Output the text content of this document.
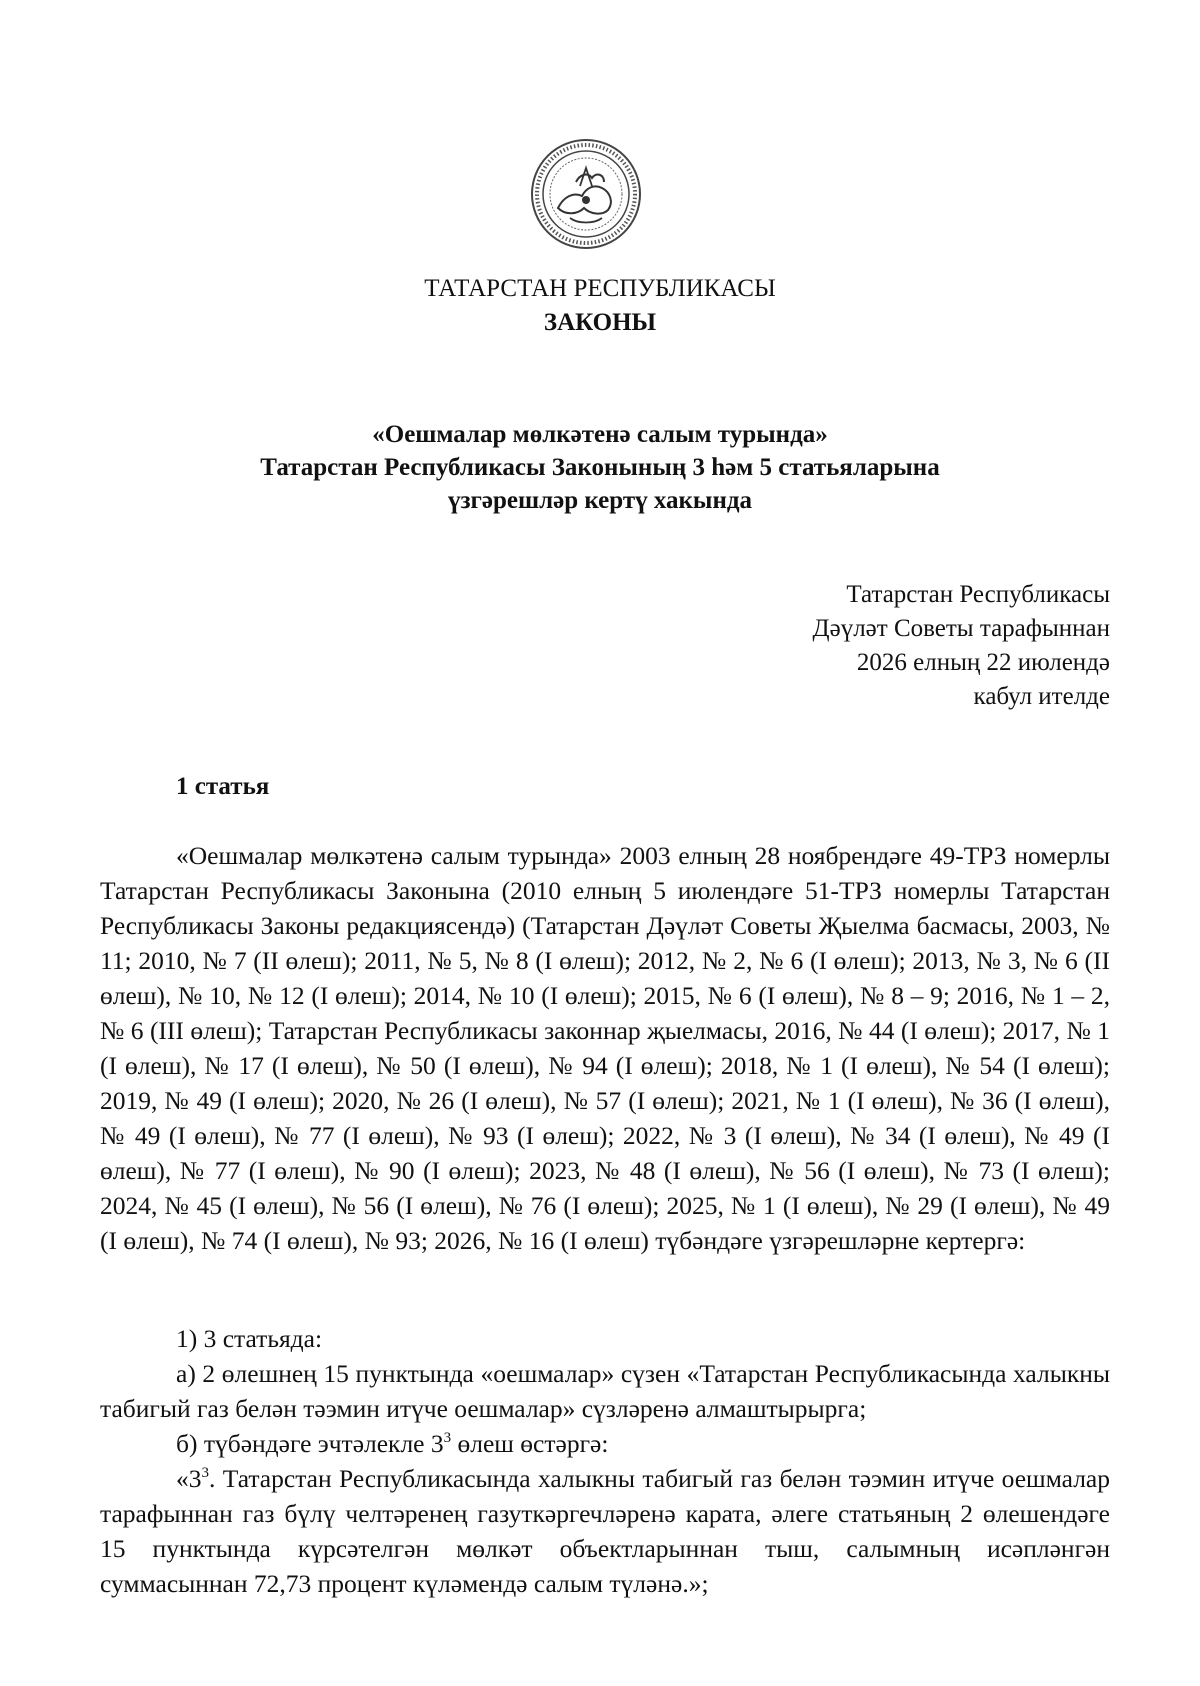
ТАТАРСТАН РЕСПУБЛИКАСЫ
ЗАКОНЫ
«Оешмалар мөлкәтенә салым турында»
Татарстан Республикасы Законының 3 һәм 5 статьяларына
үзгәрешләр кертү хакында
Татарстан Республикасы
Дәүләт Советы тарафыннан
2026 елның 22 июлендә
кабул ителде
1 статья
«Оешмалар мөлкәтенә салым турында» 2003 елның 28 ноябрендәге 49-ТРЗ номерлы Татарстан Республикасы Законына (2010 елның 5 июлендәге 51-ТРЗ номерлы Татарстан Республикасы Законы редакциясендә) (Татарстан Дәүләт Советы Җыелма басмасы, 2003, № 11; 2010, № 7 (II өлеш); 2011, № 5, № 8 (I өлеш); 2012, № 2, № 6 (I өлеш); 2013, № 3, № 6 (II өлеш), № 10, № 12 (I өлеш); 2014, № 10 (I өлеш); 2015, № 6 (I өлеш), № 8 – 9; 2016, № 1 – 2, № 6 (III өлеш); Татарстан Республикасы законнар җыелмасы, 2016, № 44 (I өлеш); 2017, № 1 (I өлеш), № 17 (I өлеш), № 50 (I өлеш), № 94 (I өлеш); 2018, № 1 (I өлеш), № 54 (I өлеш); 2019, № 49 (I өлеш); 2020, № 26 (I өлеш), № 57 (I өлеш); 2021, № 1 (I өлеш), № 36 (I өлеш), № 49 (I өлеш), № 77 (I өлеш), № 93 (I өлеш); 2022, № 3 (I өлеш), № 34 (I өлеш), № 49 (I өлеш), № 77 (I өлеш), № 90 (I өлеш); 2023, № 48 (I өлеш), № 56 (I өлеш), № 73 (I өлеш); 2024, № 45 (I өлеш), № 56 (I өлеш), № 76 (I өлеш); 2025, № 1 (I өлеш), № 29 (I өлеш), № 49 (I өлеш), № 74 (I өлеш), № 93; 2026, № 16 (I өлеш) түбәндәге үзгәрешләрне кертергә:

1) 3 статьяда:

а) 2 өлешнең 15 пунктында «оешмалар» сүзен «Татарстан Республикасында халыкны табигый газ белән тәэмин итүче оешмалар» сүзләренә алмаштырырга;

б) түбәндәге эчтәлекле $3^3$ өлеш өстәргә:

«$3^3$. Татарстан Республикасында халыкны табигый газ белән тәэмин итүче оешмалар тарафыннан газ бүлү челтәренең газуткәргечләренә карата, әлеге статьяның 2 өлешендәге 15 пунктында күрсәтелгән мөлкәт объектларыннан тыш, салымның исәпләнгән суммасыннан 72,73 процент күләмендә салым түләнә.»;
